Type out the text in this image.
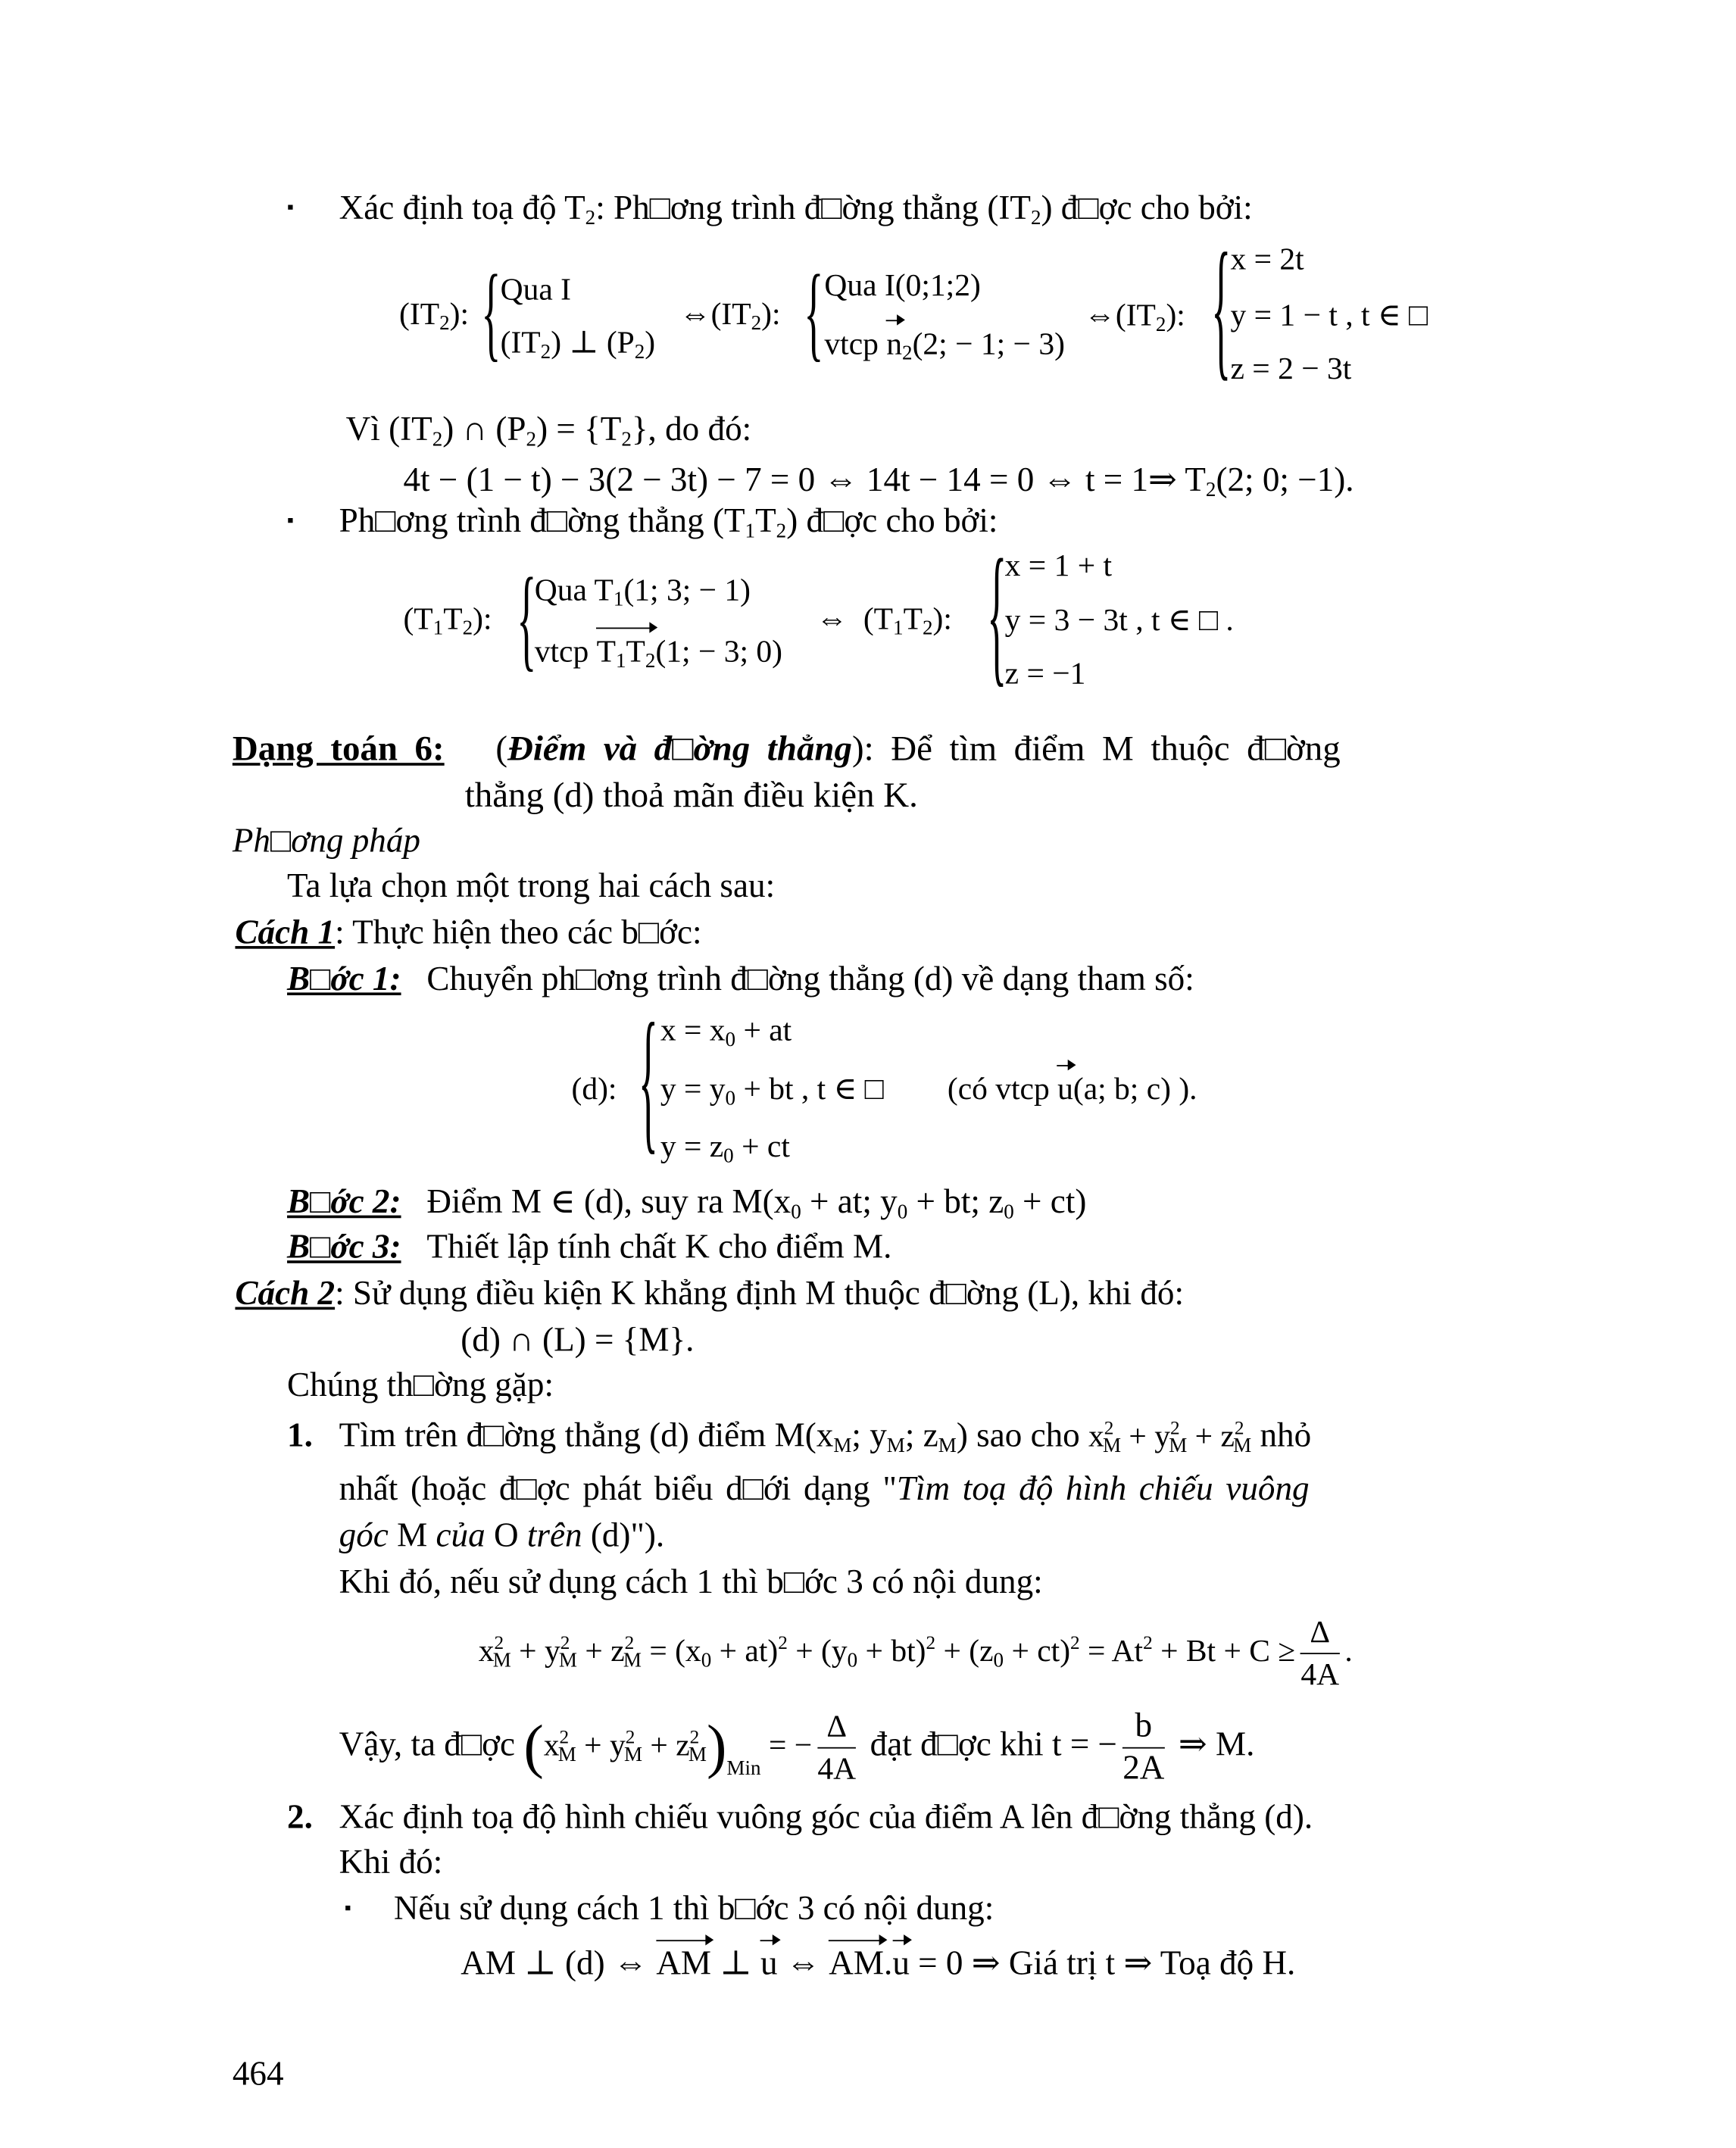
▪ Xác định toạ độ $T_2$: Ph□ơng trình đ□ờng thẳng $(IT_2)$ đ□ợc cho bởi:
$(IT_2)$: { Qua I
$(IT_2)$ ⊥ $(P_2)$
$\Leftrightarrow(IT_2)$: { Qua I(0;1;2)
vtcp $n_2(2$; − 1; − 3)
$\Leftrightarrow(IT_2)$: { x = 2t
y = 1 − t , t ∈ □
z = 2 − 3t
Vì $(IT_2)$ ∩ $(P_2) = \{T_2\}$, do đó:
4t − (1 − t) − 3(2 − 3t) − 7 = 0 ⇔ 14t − 14 = 0 ⇔ t = 1⇒ $T_2(2$; 0; −1).
▪ Ph□ơng trình đ□ờng thẳng $(T_1T_2)$ đ□ợc cho bởi:
$(T_1T_2)$: {
Qua $T_1(1$; 3; − 1)
vtcp $T_1T_2(1$; − 3; 0)
⇔ $(T_1T_2)$: {
x = 1 + t
y = 3 − 3t , t ∈ □ .
z = −1
Dạng toán 6:	(Điểm và đ□ờng thẳng): Để tìm điểm M thuộc đ□ờng
thẳng (d) thoả mãn điều kiện K.
Ph□ơng pháp
Ta lựa chọn một trong hai cách sau:
Cách 1: Thực hiện theo các b□ớc:
B□ớc 1: Chuyển ph□ơng trình đ□ờng thẳng (d) về dạng tham số:
(d): { $x = x_0$ + at
$y = y_0$ + bt , t ∈ □
$y = z_0$ + ct
(có vtcp u(a; b; c) ).
B□ớc 2: Điểm M ∈ (d), suy ra $M(x_0$ + at; $y_0$ + bt; $z_0 + ct$)
B□ớc 3: Thiết lập tính chất K cho điểm M.
Cách 2: Sử dụng điều kiện K khẳng định M thuộc đ□ờng (L), khi đó:
(d) ∩ (L) = {M}.
Chúng th□ờng gặp:
1. Tìm trên đ□ờng thẳng (d) điểm $M(x_M$; $y_M$; $z_M$) sao cho $x^2_M + y^2_M + z^2_M$ nhỏ
nhất (hoặc đ□ợc phát biểu d□ới dạng "Tìm toạ độ hình chiếu vuông
góc M của O trên (d)").
Khi đó, nếu sử dụng cách 1 thì b□ớc 3 có nội dung:
$x^2_M + y^2_M + z^2_M = (x_0 + at)^2 + (y_0 + bt)^2 + (z_0 + ct)^2 = At^2 + Bt + C \ge \frac{\Delta}{4A}$ .
Vậy, ta đ□ợc $(x^2_M + y^2_M + z^2_M)_{Min}$ = − $\frac{\Delta}{4A}$ đạt đ□ợc khi t = − $\frac{b}{2A}$ ⇒ M.
2. Xác định toạ độ hình chiếu vuông góc của điểm A lên đ□ờng thẳng (d).
Khi đó:
▪ Nếu sử dụng cách 1 thì b□ớc 3 có nội dung:
AM ⊥ (d) ⇔ AM ⊥ u ⇔ AM.u = 0 ⇒ Giá trị t ⇒ Toạ độ H.
464
